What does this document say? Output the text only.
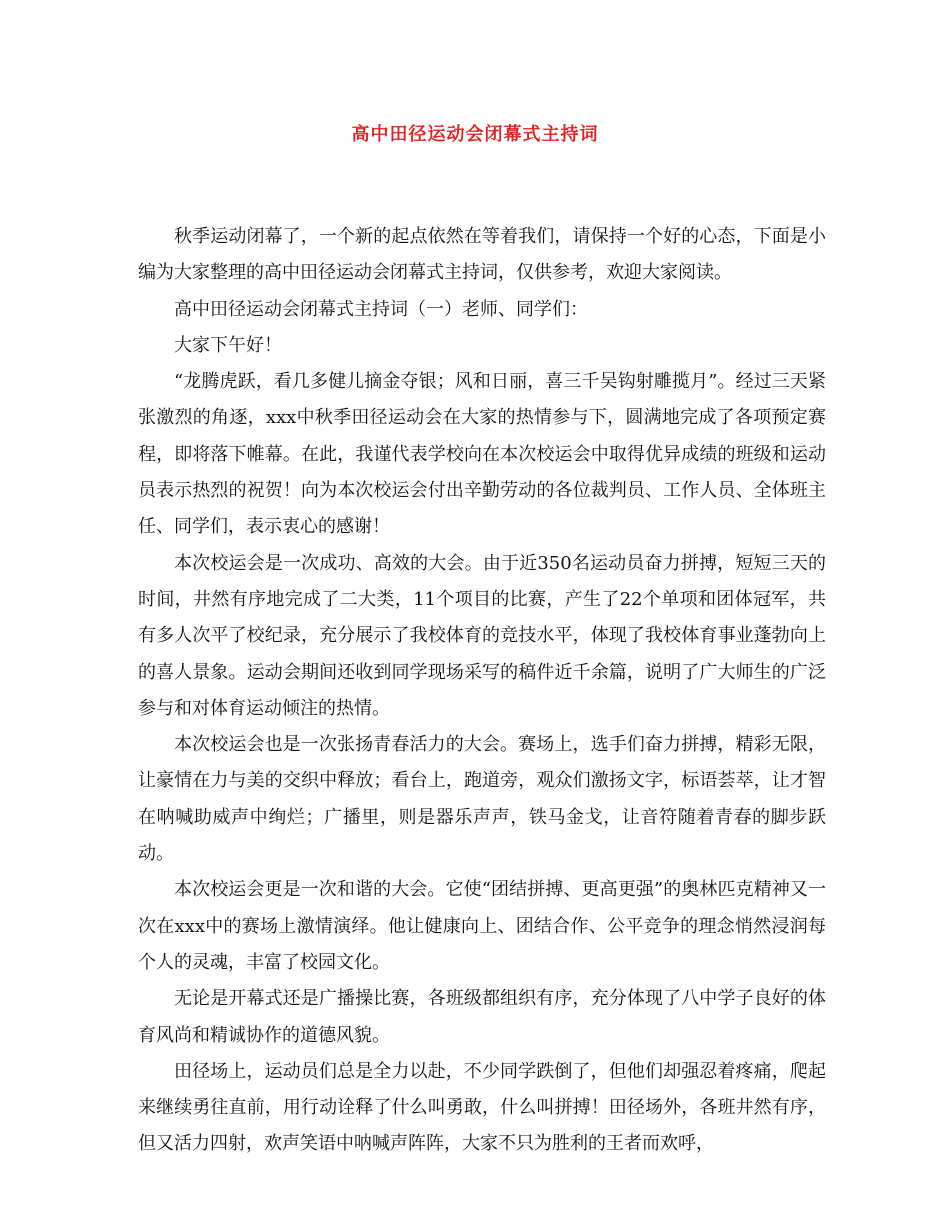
高中田径运动会闭幕式主持词

秋季运动闭幕了，一个新的起点依然在等着我们，请保持一个好的心态，下面是小编为大家整理的高中田径运动会闭幕式主持词，仅供参考，欢迎大家阅读。

高中田径运动会闭幕式主持词（一）老师、同学们：

大家下午好！

“龙腾虎跃，看几多健儿摘金夺银；风和日丽，喜三千吴钩射雕揽月”。经过三天紧张激烈的角逐，xxx中秋季田径运动会在大家的热情参与下，圆满地完成了各项预定赛程，即将落下帷幕。在此，我谨代表学校向在本次校运会中取得优异成绩的班级和运动员表示热烈的祝贺！向为本次校运会付出辛勤劳动的各位裁判员、工作人员、全体班主任、同学们，表示衷心的感谢！

本次校运会是一次成功、高效的大会。由于近350名运动员奋力拼搏，短短三天的时间，井然有序地完成了二大类，11个项目的比赛，产生了22个单项和团体冠军，共有多人次平了校纪录，充分展示了我校体育的竞技水平，体现了我校体育事业蓬勃向上的喜人景象。运动会期间还收到同学现场采写的稿件近千余篇，说明了广大师生的广泛参与和对体育运动倾注的热情。

本次校运会也是一次张扬青春活力的大会。赛场上，选手们奋力拼搏，精彩无限，让豪情在力与美的交织中释放；看台上，跑道旁，观众们激扬文字，标语荟萃，让才智在呐喊助威声中绚烂；广播里，则是器乐声声，铁马金戈，让音符随着青春的脚步跃动。

本次校运会更是一次和谐的大会。它使“团结拼搏、更高更强”的奥林匹克精神又一次在xxx中的赛场上激情演绎。他让健康向上、团结合作、公平竞争的理念悄然浸润每个人的灵魂，丰富了校园文化。

无论是开幕式还是广播操比赛，各班级都组织有序，充分体现了八中学子良好的体育风尚和精诚协作的道德风貌。

田径场上，运动员们总是全力以赴，不少同学跌倒了，但他们却强忍着疼痛，爬起来继续勇往直前，用行动诠释了什么叫勇敢，什么叫拼搏！田径场外，各班井然有序，但又活力四射，欢声笑语中呐喊声阵阵，大家不只为胜利的王者而欢呼，
